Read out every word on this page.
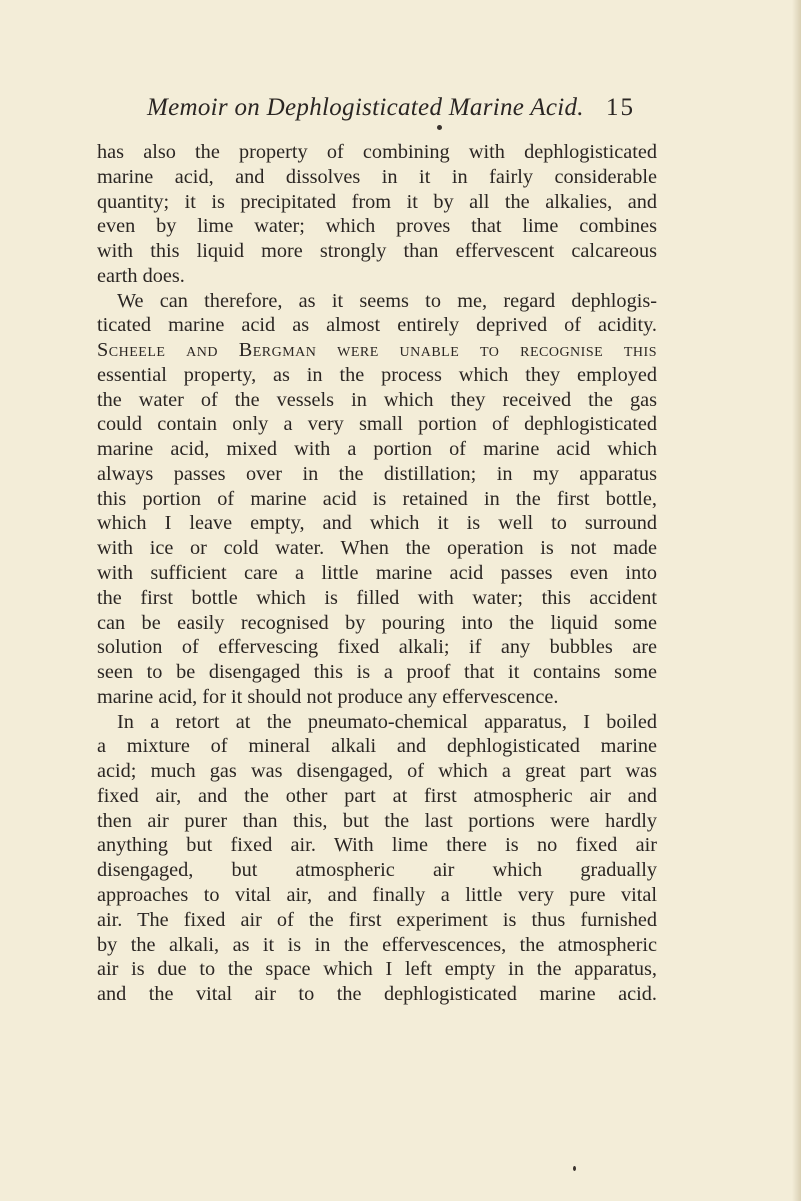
Memoir on Dephlogisticated Marine Acid. 15
has also the property of combining with dephlogisticated
marine acid, and dissolves in it in fairly considerable
quantity; it is precipitated from it by all the alkalies, and
even by lime water; which proves that lime combines
with this liquid more strongly than effervescent calcareous
earth does.
We can therefore, as it seems to me, regard dephlogis-
ticated marine acid as almost entirely deprived of acidity.
Scheele and Bergman were unable to recognise this
essential property, as in the process which they employed
the water of the vessels in which they received the gas
could contain only a very small portion of dephlogisticated
marine acid, mixed with a portion of marine acid which
always passes over in the distillation; in my apparatus
this portion of marine acid is retained in the first bottle,
which I leave empty, and which it is well to surround
with ice or cold water. When the operation is not made
with sufficient care a little marine acid passes even into
the first bottle which is filled with water; this accident
can be easily recognised by pouring into the liquid some
solution of effervescing fixed alkali; if any bubbles are
seen to be disengaged this is a proof that it contains some
marine acid, for it should not produce any effervescence.
In a retort at the pneumato-chemical apparatus, I boiled
a mixture of mineral alkali and dephlogisticated marine
acid; much gas was disengaged, of which a great part was
fixed air, and the other part at first atmospheric air and
then air purer than this, but the last portions were hardly
anything but fixed air. With lime there is no fixed air
disengaged, but atmospheric air which gradually
approaches to vital air, and finally a little very pure vital
air. The fixed air of the first experiment is thus furnished
by the alkali, as it is in the effervescences, the atmospheric
air is due to the space which I left empty in the apparatus,
and the vital air to the dephlogisticated marine acid.
